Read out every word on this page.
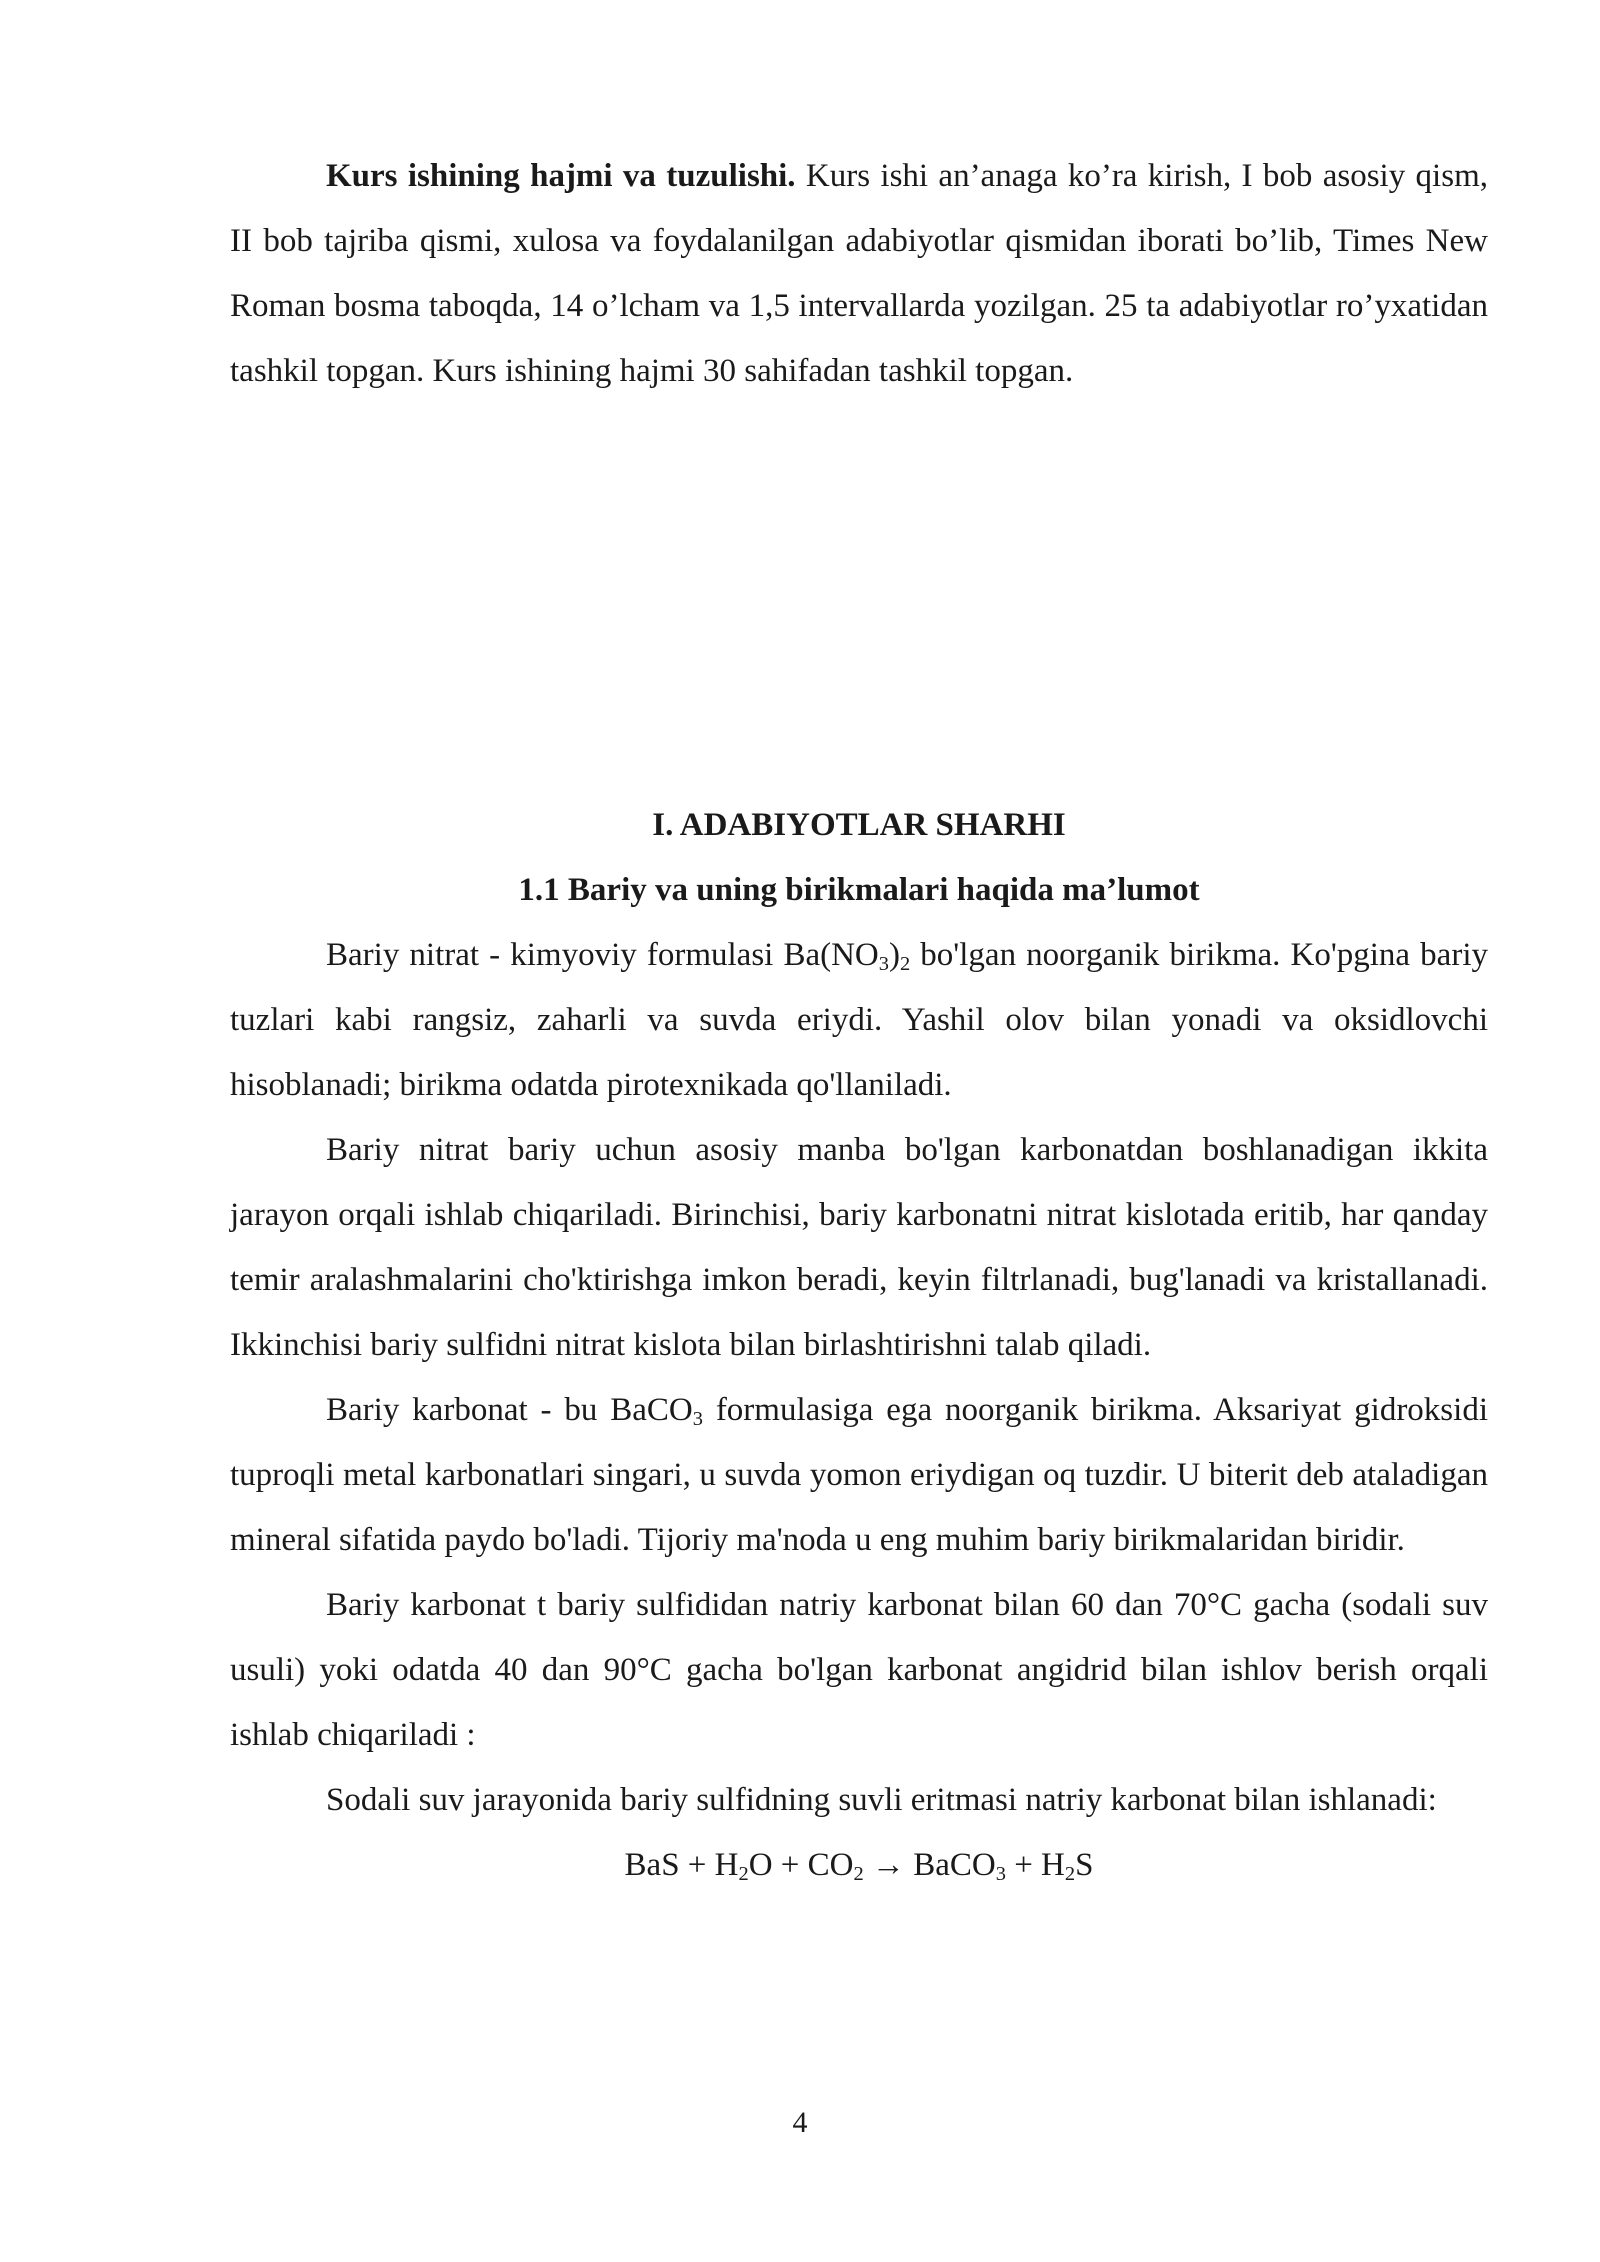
Kurs ishining hajmi va tuzulishi. Kurs ishi an’anaga ko’ra kirish, I bob asosiy qism, II bob tajriba qismi, xulosa va foydalanilgan adabiyotlar qismidan iborati bo’lib, Times New Roman bosma taboqda, 14 o’lcham va 1,5 intervallarda yozilgan. 25 ta adabiyotlar ro’yxatidan tashkil topgan. Kurs ishining hajmi 30 sahifadan tashkil topgan.

I. ADABIYOTLAR SHARHI

1.1 Bariy va uning birikmalari haqida ma’lumot

Bariy nitrat - kimyoviy formulasi $Ba(NO_3)_2$ bo'lgan noorganik birikma. Ko'pgina bariy tuzlari kabi rangsiz, zaharli va suvda eriydi. Yashil olov bilan yonadi va oksidlovchi hisoblanadi; birikma odatda pirotexnikada qo'llaniladi.

Bariy nitrat bariy uchun asosiy manba bo'lgan karbonatdan boshlanadigan ikkita jarayon orqali ishlab chiqariladi. Birinchisi, bariy karbonatni nitrat kislotada eritib, har qanday temir aralashmalarini cho'ktirishga imkon beradi, keyin filtrlanadi, bug'lanadi va kristallanadi. Ikkinchisi bariy sulfidni nitrat kislota bilan birlashtirishni talab qiladi.

Bariy karbonat - bu BaCO$_3$ formulasiga ega noorganik birikma. Aksariyat gidroksidi tuproqli metal karbonatlari singari, u suvda yomon eriydigan oq tuzdir. U biterit deb ataladigan mineral sifatida paydo bo'ladi. Tijoriy ma'noda u eng muhim bariy birikmalaridan biridir.

Bariy karbonat t bariy sulfididan natriy karbonat bilan 60 dan 70°C gacha (sodali suv usuli) yoki odatda 40 dan 90°C gacha bo'lgan karbonat angidrid bilan ishlov berish orqali ishlab chiqariladi :

Sodali suv jarayonida bariy sulfidning suvli eritmasi natriy karbonat bilan ishlanadi:

BaS + $H_2O + CO_2$ → BaCO$_3$ + $H_2S$

4
